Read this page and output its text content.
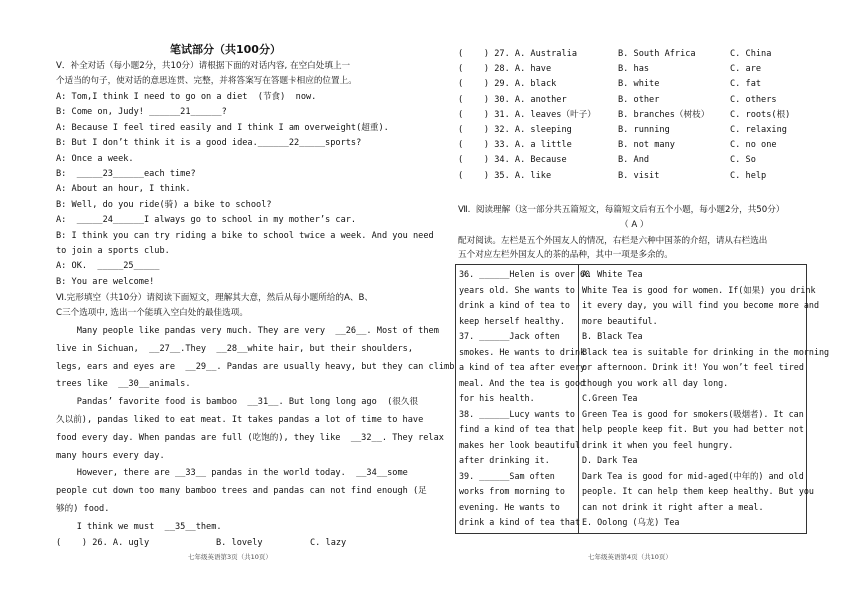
笔试部分（共100分）
V．补全对话（每小题2分，共10分）请根据下面的对话内容, 在空白处填上一
个适当的句子，使对话的意思连贯、完整，并将答案写在答题卡相应的位置上。
A: Tom,I think I need to go on a diet  (节食)  now.
B: Come on, Judy! ______21______?
A: Because I feel tired easily and I think I am overweight(超重).
B: But I don’t think it is a good idea.______22_____sports?
A: Once a week.
B:  _____23______each time?
A: About an hour, I think.
B: Well, do you ride(骑) a bike to school?
A:  _____24______I always go to school in my mother’s car.
B: I think you can try riding a bike to school twice a week. And you need
to join a sports club.
A: OK.  _____25_____
B: You are welcome!
Ⅵ.完形填空（共10分）请阅读下面短文，理解其大意，然后从每小题所给的A、B、
C三个选项中, 选出一个能填入空白处的最佳选项。
Many people like pandas very much. They are very  __26__. Most of them
live in Sichuan,  __27__.They  __28__white hair, but their shoulders,
legs, ears and eyes are  __29__. Pandas are usually heavy, but they can climb
trees like  __30__animals.
Pandas’ favorite food is bamboo  __31__. But long long ago  (很久很
久以前), pandas liked to eat meat. It takes pandas a lot of time to have
food every day. When pandas are full (吃饱的), they like  __32__. They relax
many hours every day.
However, there are __33__ pandas in the world today.  __34__some
people cut down too many bamboo trees and pandas can not find enough (足
够的) food.
I think we must  __35__them.
(    ) 26. A. ugly	B. lovely	C. lazy
七年级英语第3页（共10页）
(    ) 27. A. Australia	B. South Africa	C. China
(    ) 28. A. have	B. has	C. are
(    ) 29. A. black	B. white	C. fat
(    ) 30. A. another	B. other	C. others
(    ) 31. A. leaves（叶子）	B. branches（树枝） C. roots(根)
(    ) 32. A. sleeping	B. running	C. relaxing
(    ) 33. A. a little	B. not many	C. no one
(    ) 34. A. Because	B. And	C. So
(    ) 35. A. like	B. visit	C. help
Ⅶ.  阅读理解（这一部分共五篇短文，每篇短文后有五个小题，每小题2分，共50分）
（ A ）
配对阅读。左栏是五个外国友人的情况，右栏是六种中国茶的介绍，请从右栏选出
五个对应左栏外国友人的茶的品种，其中一项是多余的。
36. ______Helen is over 60
years old. She wants to
drink a kind of tea to
keep herself healthy.
37. ______Jack often
smokes. He wants to drink
a kind of tea after every
meal. And the tea is good
for his health.
38. ______Lucy wants to
find a kind of tea that
makes her look beautiful
after drinking it.
39. ______Sam often
works from morning to
evening. He wants to
drink a kind of tea that

A. White Tea
White Tea is good for women. If(如果) you drink
it every day, you will find you become more and
more beautiful.
B. Black Tea
Black tea is suitable for drinking in the morning
or afternoon. Drink it! You won’t feel tired
though you work all day long.
C.Green Tea
Green Tea is good for smokers(吸烟者). It can
help people keep fit. But you had better not
drink it when you feel hungry.
D. Dark Tea
Dark Tea is good for mid-aged(中年的) and old
people. It can help them keep healthy. But you
can not drink it right after a meal.
E. Oolong (乌龙) Tea
七年级英语第4页（共10页）
